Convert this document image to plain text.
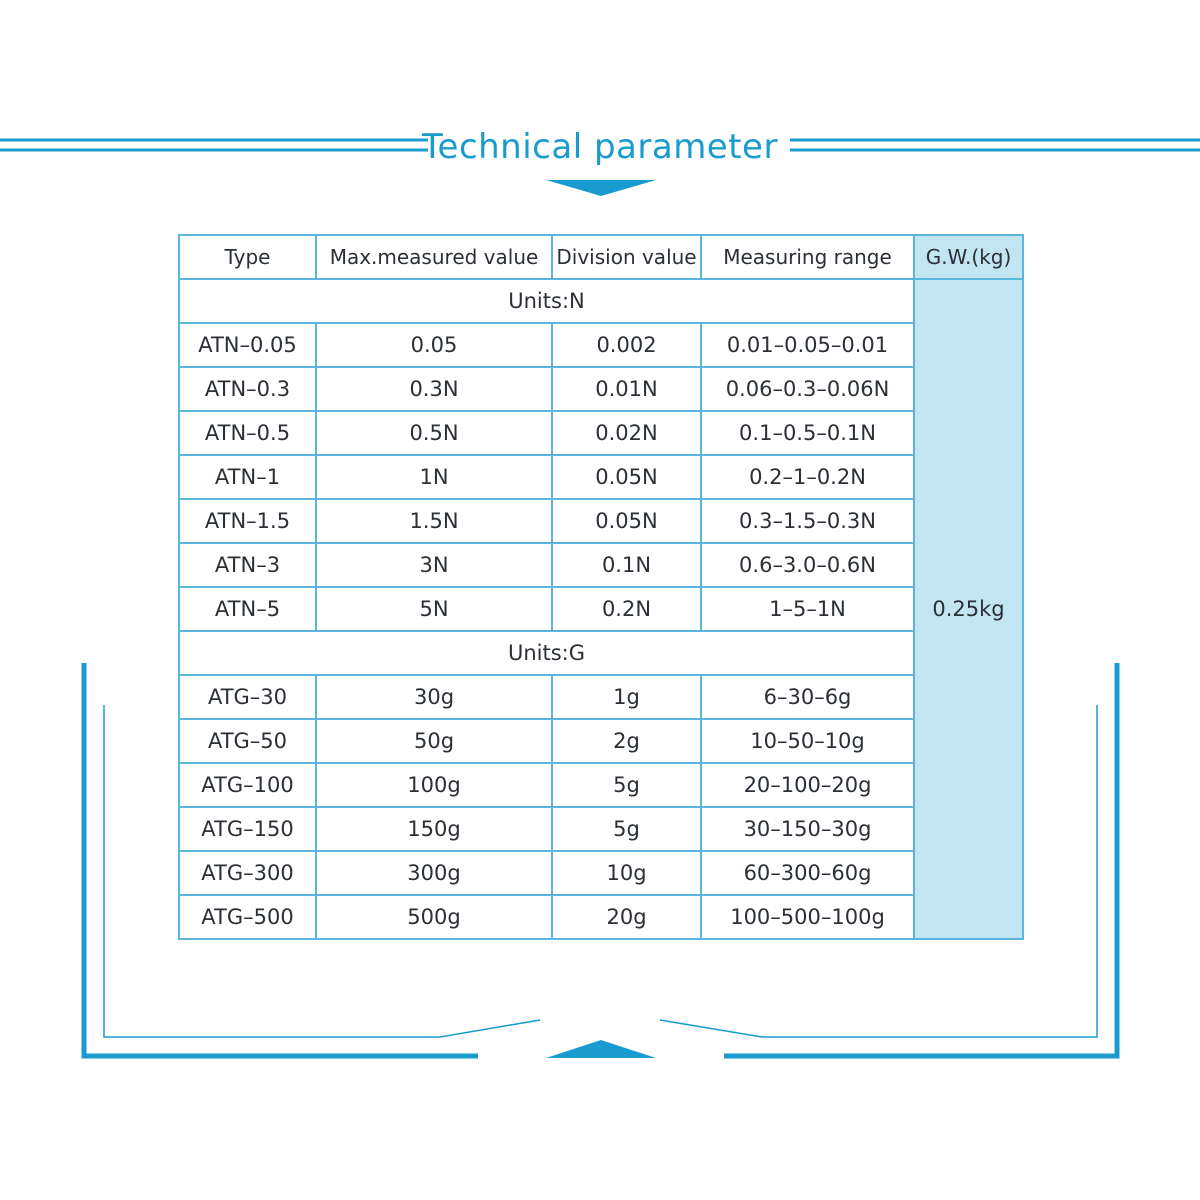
Technical parameter
Type	Max.measured value	Division value	Measuring range	G.W.(kg)
Units:N				0.25kg
ATN–0.05	0.05	0.002	0.01–0.05–0.01	
ATN–0.3	0.3N	0.01N	0.06–0.3–0.06N	
ATN–0.5	0.5N	0.02N	0.1–0.5–0.1N	
ATN–1	1N	0.05N	0.2–1–0.2N	
ATN–1.5	1.5N	0.05N	0.3–1.5–0.3N	
ATN–3	3N	0.1N	0.6–3.0–0.6N	
ATN–5	5N	0.2N	1–5–1N	
Units:G				
ATG–30	30g	1g	6–30–6g	
ATG–50	50g	2g	10–50–10g	
ATG–100	100g	5g	20–100–20g	
ATG–150	150g	5g	30–150–30g	
ATG–300	300g	10g	60–300–60g	
ATG–500	500g	20g	100–500–100g	
